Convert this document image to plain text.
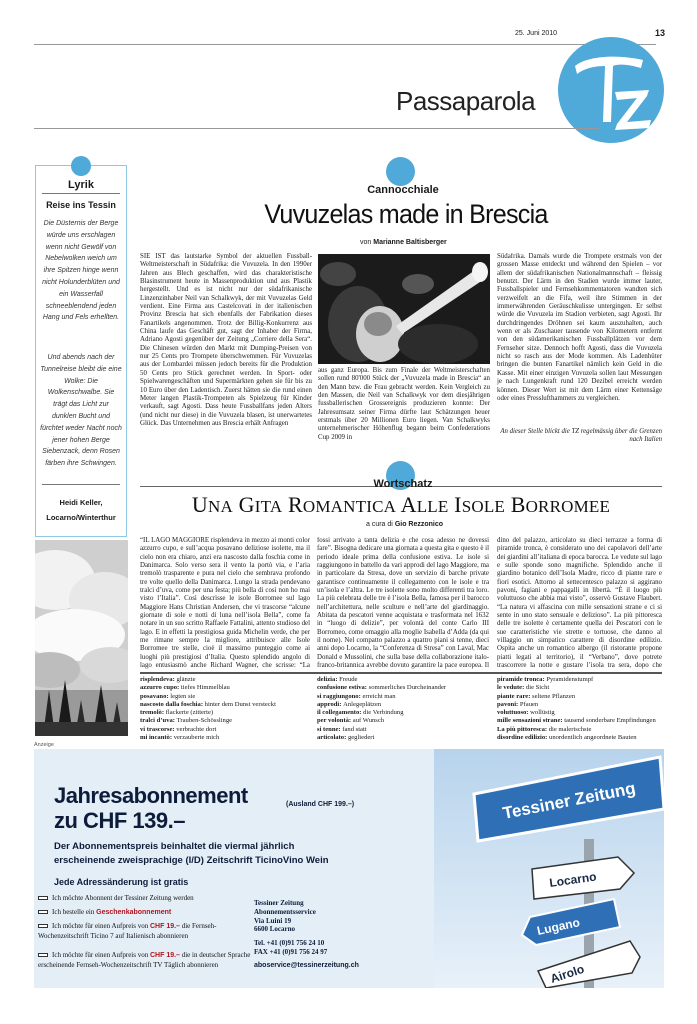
25. Juni 2010	13
Passaparola
Lyrik
Reise ins Tessin
Die Düsternis der Berge würde uns erschlagen wenn nicht Gewölf von Nebelwolken weich um ihre Spitzen hinge wenn nicht Holunderblüten und ein Wasserfall schneeblendend jeden Hang und Fels erhellten.
Und abends nach der Tunnelreise bleibt die eine Wolke: Die Wolkenschwalbe. Sie trägt das Licht zur dunklen Bucht und fürchtet weder Nacht noch jener hohen Berge Siebenzack, denn Rosen färben ihre Schwingen.
Heidi Keller,
Locarno/Winterthur
Cannocchiale
Vuvuzelas made in Brescia
von Marianne Baltisberger
SIE IST das lautstarke Symbol der aktuellen Fussball-Weltmeisterschaft in Südafrika: die Vuvuzela. In den 1990er Jahren aus Blech geschaffen, wird das charakteristische Blasinstrument heute in Massenproduktion und aus Plastik hergestellt. Und es ist nicht nur der südafrikanische Linzenzinhaber Neil van Schalkwyk, der mit Vuvuzelas Geld verdient. Eine Firma aus Castelcovati in der italienischen Provinz Brescia hat sich ebenfalls der Fabrikation dieses Fanartikels angenommen. Trotz der Billig-Konkurrenz aus China laufe das Geschäft gut, sagt der Inhaber der Firma, Adriano Agosti gegenüber der Zeitung „Corriere della Sera“. Die Chinesen würden den Markt mit Dumping-Preisen von nur 25 Cents pro Trompete überschwemmen. Für Vuvuzelas aus der Lombardei müssen jedoch bereits für die Produktion 50 Cents pro Stück gerechnet werden. In Sport- oder Spielwarengeschäften und Supermärkten gehen sie für bis zu 10 Euro über den Ladentisch. Zuerst hätten sie die rund einen Meter langen Plastik-Trompeten als Spielzeug für Kinder verkauft, sagt Agosti. Dass heute Fussballfans jeden Alters (und nicht nur diese) in die Vuvuzela blasen, ist unerwartetes Glück. Das Unternehmen aus Brescia erhält Anfragen
aus ganz Europa. Bis zum Finale der Weltmeisterschaften sollen rund 80'000 Stück der „Vuvuzela made in Brescia“ an den Mann bzw. die Frau gebracht werden. Kein Vergleich zu den Massen, die Neil van Schalkwyk vor dem diesjährigen fussballerischen Grossereignis produzieren konnte: Der Jahresumsatz seiner Firma dürfte laut Schätzungen heuer erstmals über 20 Millionen Euro liegen. Van Schalkwyks unternehmerischer Höhenflug begann beim Confederations Cup 2009 in
Südafrika. Damals wurde die Trompete erstmals von der grossen Masse entdeckt und während den Spielen – vor allem der südafrikanischen Nationalmannschaft – fleissig benutzt. Der Lärm in den Stadien wurde immer lauter, Fussballspieler und Fernsehkommentatoren wandten sich verzweifelt an die Fifa, weil ihre Stimmen in der immerwährenden Geräuschkulisse untergingen. Er selbst würde die Vuvuzela im Stadion verbieten, sagt Agosti. Ihr durchdringendes Dröhnen sei kaum auszuhalten, auch wenn er als Zuschauer tausende von Kilometern entfernt von den südamerikanischen Fussballplätzen vor dem Fernseher sitze. Dennoch hofft Agosti, dass die Vuvuzela nicht so rasch aus der Mode kommen. Als Ladenhüter bringen die bunten Fanartikel nämlich kein Geld in die Kasse. Mit einer einzigen Vuvuzela sollen laut Messungen je nach Lungenkraft rund 120 Dezibel erreicht werden können. Dieser Wert ist mit dem Lärm einer Kettensäge oder eines Presslufthammers zu vergleichen.
An dieser Stelle blickt die TZ regelmässig über die Grenzen nach Italien
Wortschatz
UNA GITA ROMANTICA ALLE ISOLE BORROMEE
a cura di Gio Rezzonico
“IL LAGO MAGGIORE risplendeva in mezzo ai monti color azzurro cupo, e sull’acqua posavano deliziose isolette, ma il cielo non era chiaro, anzi era nascosto dalla foschia come in Danimarca. Solo verso sera il vento la portò via, e l’aria tremolò trasparente e pura nel cielo che sembrava profondo tre volte quello della Danimarca. Lungo la strada pendevano tralci d’uva, come per una festa; più bella di così non ho mai visto l’Italia”. Così descrisse le isole Borromee sul lago Maggiore Hans Christian Andersen, che vi trascorse “alcune giornate di sole e notti di luna nell’isola Bella”, come fa notare in un suo scritto Raffaele Fattalini, attento studioso del lago. E in effetti la prestigiosa guida Michelin verde, che per me rimane sempre la migliore, attribuisce alle Isole Borromee tre stelle, cioè il massimo punteggio come ai luoghi più prestigiosi d’Italia. Questo splendido angolo di lago entusiasmò anche Richard Wagner, che scrisse: “La
fossi arrivato a tanta delizia e che cosa adesso ne dovessi fare”. Bisogna dedicare una giornata a questa gita e questo è il periodo ideale prima della confusione estiva. Le isole si raggiungono in battello da vari approdi del lago Maggiore, ma in particolare da Stresa, dove un servizio di barche private garantisce continuamente il collegamento con le isole e tra un’isola e l’altra. Le tre isolette sono molto differenti tra loro. La più celebrata delle tre è l’isola Bella, famosa per il barocco nell’architettura, nelle sculture e nell’arte del giardinaggio. Abitata da pescatori venne acquistata e trasformata nel 1632 in “luogo di delizie”, per volontà del conte Carlo III Borromeo, come omaggio alla moglie Isabella d’Adda (da qui il nome). Nel compatto palazzo a quattro piani si tenne, dieci anni dopo Locarno, la “Conferenza di Stresa” con Laval, Mac Donald e Mussolini, che sulla base della collaborazione italo-franco-britannica avrebbe dovuto garantire la pace europea. Il
dino del palazzo, articolato su dieci terrazze a forma di piramide tronca, è considerato uno dei capolavori dell’arte dei giardini all’italiana di epoca barocca. Le vedute sul lago e sulle sponde sono magnifiche. Splendido anche il giardino botanico dell’Isola Madre, ricco di piante rare e fiori esotici. Attorno al settecentesco palazzo si aggirano pavoni, fagiani e pappagalli in libertà. “È il luogo più voluttuoso che abbia mai visto”, osservò Gustave Flaubert. “La natura vi affascina con mille sensazioni strane e ci si sente in uno stato sensuale e delizioso”. La più pittoresca delle tre isolette è certamente quella dei Pescatori con le sue caratteristiche vie strette e tortuose, che danno al villaggio un simpatico carattere di disordine edilizio. Ospita anche un romantico albergo (il ristorante propone piatti legati al territorio), il “Verbano”, dove potrete trascorrere la notte e gustare l’isola tra sera, dopo che
risplendeva: glänzte
azzurro cupo: tiefes Himmelblau
posavano: legten sie
nascosto dalla foschia: hinter dem Dunst versteckt
tremolò: flackerte (zitterte)
tralci d’uva: Trauben-Schösslinge
vi trascorse: verbrachte dort
mi incantò: verzauberte mich
delizia: Freude
confusione estiva: sommerliches Durcheinander
si raggiungono: erreicht man
approdi: Anlegeplätzen
il collegamento: die Verbindung
per volontà: auf Wunsch
si tenne: fand statt
articolato: gegliedert
piramide tronca: Pyramidenstumpf
le vedute: die Sicht
piante rare: seltene Pflanzen
pavoni: Pfauen
voluttuoso: wollüstig
mille sensazioni strane: tausend sonderbare Empfindungen
La più pittoresca: die malerischste
disordine edilizio: unordentlich angeordnete Bauten
Anzeige
Tessiner Zeitung
Locarno
Lugano
Airolo
Jahresabonnement
zu CHF 139.–
(Ausland CHF 199.–)
Der Abonnementspreis beinhaltet die viermal jährlich
erscheinende zweisprachige (I/D) Zeitschrift TicinoVino Wein
Jede Adressänderung ist gratis
Ich möchte Abonnent der Tessiner Zeitung werden
Ich bestelle ein Geschenkabonnement
Ich möchte für einen Aufpreis von CHF 19.– die Fernseh-Wochenzeitschrift Ticino 7 auf Italienisch abonnieren
Ich möchte für einen Aufpreis von CHF 19.– die in deutscher Sprache erscheinende Fernseh-Wochenzeitschrift TV Täglich abonnieren
Tessiner Zeitung
Abonnementsservice
Via Luini 19
6600 Locarno
Tel. +41 (0)91 756 24 10
FAX +41 (0)91 756 24 97
aboservice@tessinerzeitung.ch
